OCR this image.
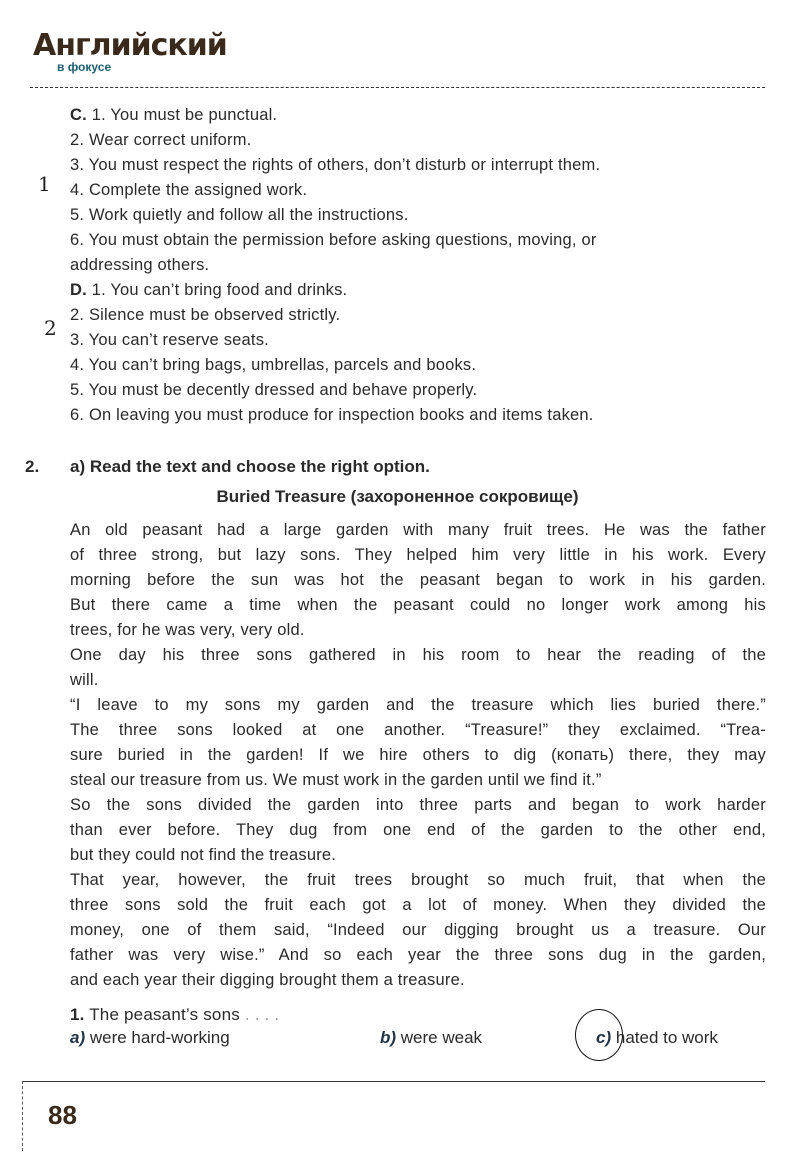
Английский
в фокусе
1
2
C. 1. You must be punctual.
2. Wear correct uniform.
3. You must respect the rights of others, don’t disturb or interrupt them.
4. Complete the assigned work.
5. Work quietly and follow all the instructions.
6. You must obtain the permission before asking questions, moving, or
addressing others.
D. 1. You can’t bring food and drinks.
2. Silence must be observed strictly.
3. You can’t reserve seats.
4. You can’t bring bags, umbrellas, parcels and books.
5. You must be decently dressed and behave properly.
6. On leaving you must produce for inspection books and items taken.
2. a) Read the text and choose the right option.
Buried Treasure (захороненное сокровище)
An old peasant had a large garden with many fruit trees. He was the father
of three strong, but lazy sons. They helped him very little in his work. Every
morning before the sun was hot the peasant began to work in his garden.
But there came a time when the peasant could no longer work among his
trees, for he was very, very old.
One day his three sons gathered in his room to hear the reading of the
will.
“I leave to my sons my garden and the treasure which lies buried there.”
The three sons looked at one another. “Treasure!” they exclaimed. “Trea-
sure buried in the garden! If we hire others to dig (копать) there, they may
steal our treasure from us. We must work in the garden until we find it.”
So the sons divided the garden into three parts and began to work harder
than ever before. They dug from one end of the garden to the other end,
but they could not find the treasure.
That year, however, the fruit trees brought so much fruit, that when the
three sons sold the fruit each got a lot of money. When they divided the
money, one of them said, “Indeed our digging brought us a treasure. Our
father was very wise.” And so each year the three sons dug in the garden,
and each year their digging brought them a treasure.
1. The peasant’s sons . . . .
a) were hard-working	b) were weak	c) hated to work
88
